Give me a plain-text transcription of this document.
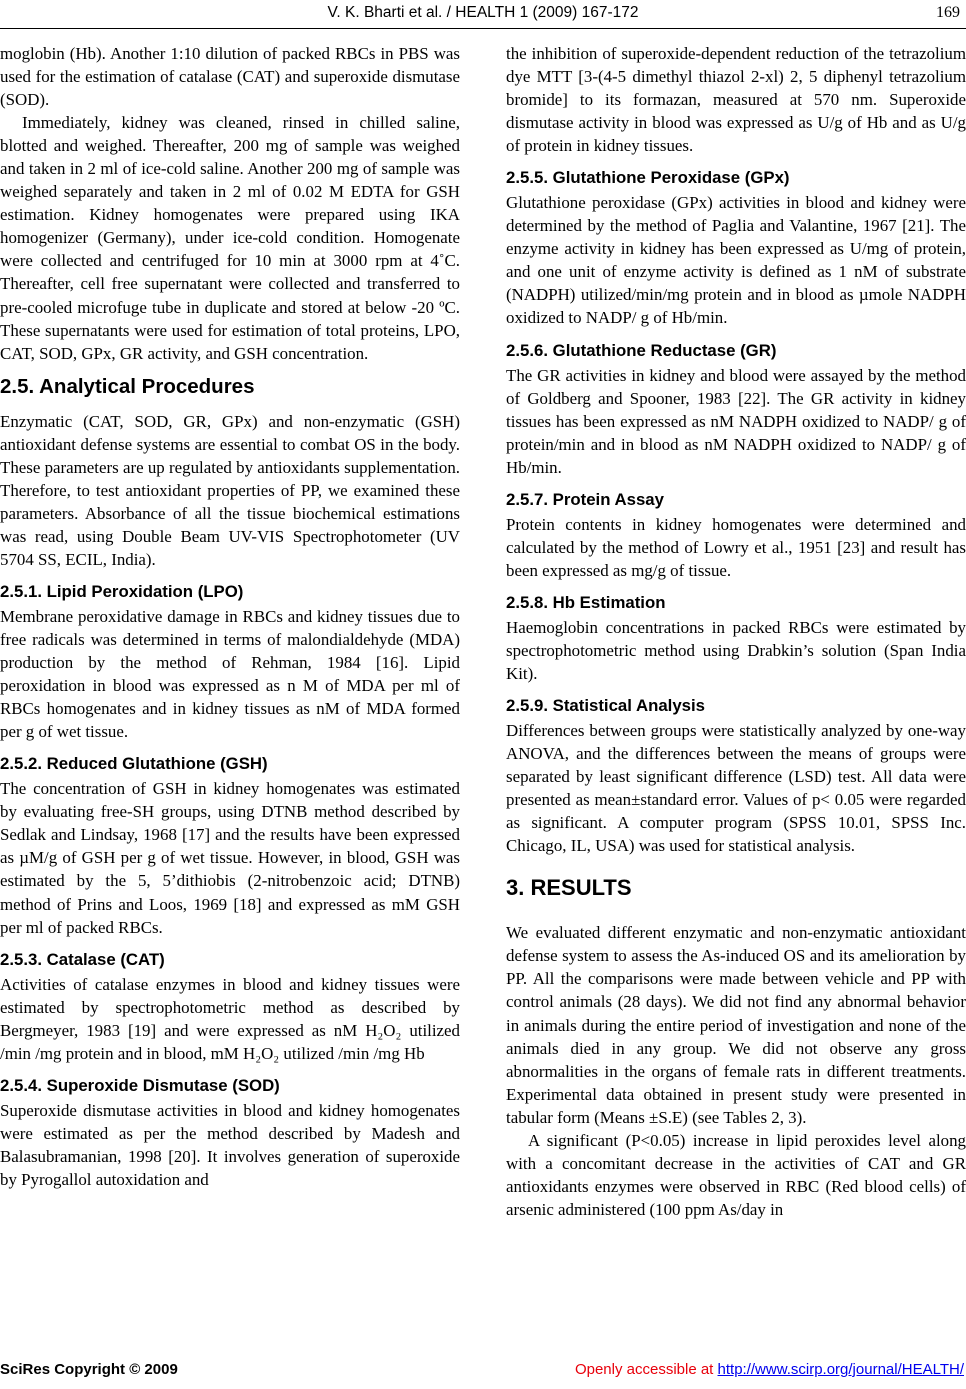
V. K. Bharti et al. / HEALTH 1 (2009) 167-172	169

moglobin (Hb). Another 1:10 dilution of packed RBCs in PBS was used for the estimation of catalase (CAT) and superoxide dismutase (SOD).

Immediately, kidney was cleaned, rinsed in chilled saline, blotted and weighed. Thereafter, 200 mg of sample was weighed and taken in 2 ml of ice-cold saline. Another 200 mg of sample was weighed separately and taken in 2 ml of 0.02 M EDTA for GSH estimation. Kidney homogenates were prepared using IKA homogenizer (Germany), under ice-cold condition. Homogenate were collected and centrifuged for 10 min at 3000 rpm at 4˚C. Thereafter, cell free supernatant were collected and transferred to pre-cooled microfuge tube in duplicate and stored at below -20 ºC. These supernatants were used for estimation of total proteins, LPO, CAT, SOD, GPx, GR activity, and GSH concentration.

2.5. Analytical Procedures

Enzymatic (CAT, SOD, GR, GPx) and non-enzymatic (GSH) antioxidant defense systems are essential to combat OS in the body. These parameters are up regulated by antioxidants supplementation. Therefore, to test antioxidant properties of PP, we examined these parameters. Absorbance of all the tissue biochemical estimations was read, using Double Beam UV-VIS Spectrophotometer (UV 5704 SS, ECIL, India).

2.5.1. Lipid Peroxidation (LPO)

Membrane peroxidative damage in RBCs and kidney tissues due to free radicals was determined in terms of malondialdehyde (MDA) production by the method of Rehman, 1984 [16]. Lipid peroxidation in blood was expressed as n M of MDA per ml of RBCs homogenates and in kidney tissues as nM of MDA formed per g of wet tissue.

2.5.2. Reduced Glutathione (GSH)

The concentration of GSH in kidney homogenates was estimated by evaluating free-SH groups, using DTNB method described by Sedlak and Lindsay, 1968 [17] and the results have been expressed as µM/g of GSH per g of wet tissue. However, in blood, GSH was estimated by the 5, 5’dithiobis (2-nitrobenzoic acid; DTNB) method of Prins and Loos, 1969 [18] and expressed as mM GSH per ml of packed RBCs.

2.5.3. Catalase (CAT)

Activities of catalase enzymes in blood and kidney tissues were estimated by spectrophotometric method as described by Bergmeyer, 1983 [19] and were expressed as nM H₂O₂ utilized /min /mg protein and in blood, mM H₂O₂ utilized /min /mg Hb

2.5.4. Superoxide Dismutase (SOD)

Superoxide dismutase activities in blood and kidney homogenates were estimated as per the method described by Madesh and Balasubramanian, 1998 [20]. It involves generation of superoxide by Pyrogallol autoxidation and

the inhibition of superoxide-dependent reduction of the tetrazolium dye MTT [3-(4-5 dimethyl thiazol 2-xl) 2, 5 diphenyl tetrazolium bromide] to its formazan, measured at 570 nm. Superoxide dismutase activity in blood was expressed as U/g of Hb and as U/g of protein in kidney tissues.

2.5.5. Glutathione Peroxidase (GPx)

Glutathione peroxidase (GPx) activities in blood and kidney were determined by the method of Paglia and Valantine, 1967 [21]. The enzyme activity in kidney has been expressed as U/mg of protein, and one unit of enzyme activity is defined as 1 nM of substrate (NADPH) utilized/min/mg protein and in blood as µmole NADPH oxidized to NADP/ g of Hb/min.

2.5.6. Glutathione Reductase (GR)

The GR activities in kidney and blood were assayed by the method of Goldberg and Spooner, 1983 [22]. The GR activity in kidney tissues has been expressed as nM NADPH oxidized to NADP/ g of protein/min and in blood as nM NADPH oxidized to NADP/ g of Hb/min.

2.5.7. Protein Assay

Protein contents in kidney homogenates were determined and calculated by the method of Lowry et al., 1951 [23] and result has been expressed as mg/g of tissue.

2.5.8. Hb Estimation

Haemoglobin concentrations in packed RBCs were estimated by spectrophotometric method using Drabkin’s solution (Span India Kit).

2.5.9. Statistical Analysis

Differences between groups were statistically analyzed by one-way ANOVA, and the differences between the means of groups were separated by least significant difference (LSD) test. All data were presented as mean±standard error. Values of p< 0.05 were regarded as significant. A computer program (SPSS 10.01, SPSS Inc. Chicago, IL, USA) was used for statistical analysis.

3. RESULTS

We evaluated different enzymatic and non-enzymatic antioxidant defense system to assess the As-induced OS and its amelioration by PP. All the comparisons were made between vehicle and PP with control animals (28 days). We did not find any abnormal behavior in animals during the entire period of investigation and none of the animals died in any group. We did not observe any gross abnormalities in the organs of female rats in different treatments. Experimental data obtained in present study were presented in tabular form (Means ±S.E) (see Tables 2, 3).

A significant (P<0.05) increase in lipid peroxides level along with a concomitant decrease in the activities of CAT and GR antioxidants enzymes were observed in RBC (Red blood cells) of arsenic administered (100 ppm As/day in

SciRes Copyright © 2009	Openly accessible at http://www.scirp.org/journal/HEALTH/
